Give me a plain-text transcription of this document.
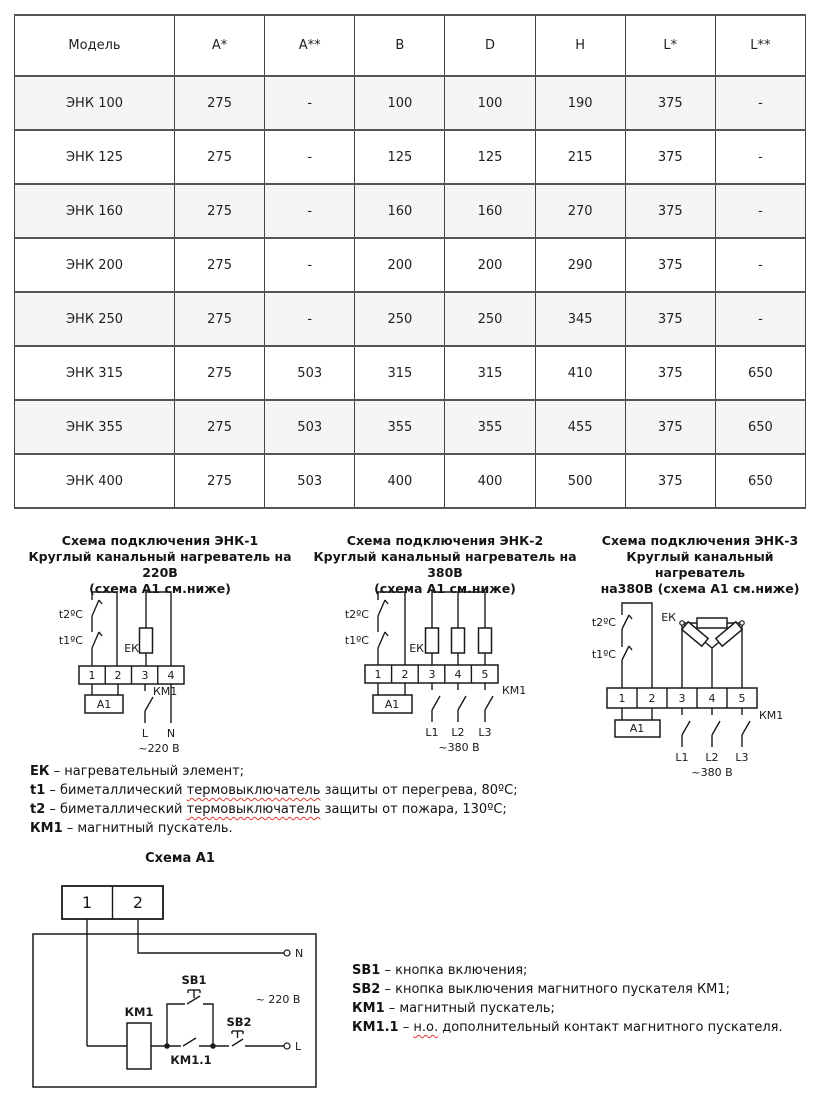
Модель	A*	A**	B	D	H	L*	L**
ЭНК 100	275	-	100	100	190	375	-
ЭНК 125	275	-	125	125	215	375	-
ЭНК 160	275	-	160	160	270	375	-
ЭНК 200	275	-	200	200	290	375	-
ЭНК 250	275	-	250	250	345	375	-
ЭНК 315	275	503	315	315	410	375	650
ЭНК 355	275	503	355	355	455	375	650
ЭНК 400	275	503	400	400	500	375	650
Схема подключения ЭНК-1
Круглый канальный нагреватель на 220В
(схема А1 см.ниже)
t2ºC
t1ºC
ЕК
1 2 3 4
А1
КМ1
L N
~220 В
Схема подключения ЭНК-2
Круглый канальный нагреватель на 380В
(схема А1 см.ниже)
t2ºC
t1ºC
ЕК
1 2 3 4 5
А1
КМ1
L1 L2 L3
~380 В
Схема подключения ЭНК-3
Круглый канальный нагреватель
на380В (схема А1 см.ниже)
t2ºC
t1ºC
ЕК
1 2 3 4 5
А1
КМ1
L1 L2 L3
~380 В
ЕК – нагревательный элемент;
t1 – биметаллический термовыключатель защиты от перегрева, 80ºС;
t2 – биметаллический термовыключатель защиты от пожара, 130ºС;
КМ1 – магнитный пускатель.
Схема А1
1	2
SB1
SB2
КМ1
КМ1.1
N
L
~ 220 В
SB1 – кнопка включения;
SB2 – кнопка выключения магнитного пускателя КМ1;
КМ1 – магнитный пускатель;
КМ1.1 – н.о. дополнительный контакт магнитного пускателя.
